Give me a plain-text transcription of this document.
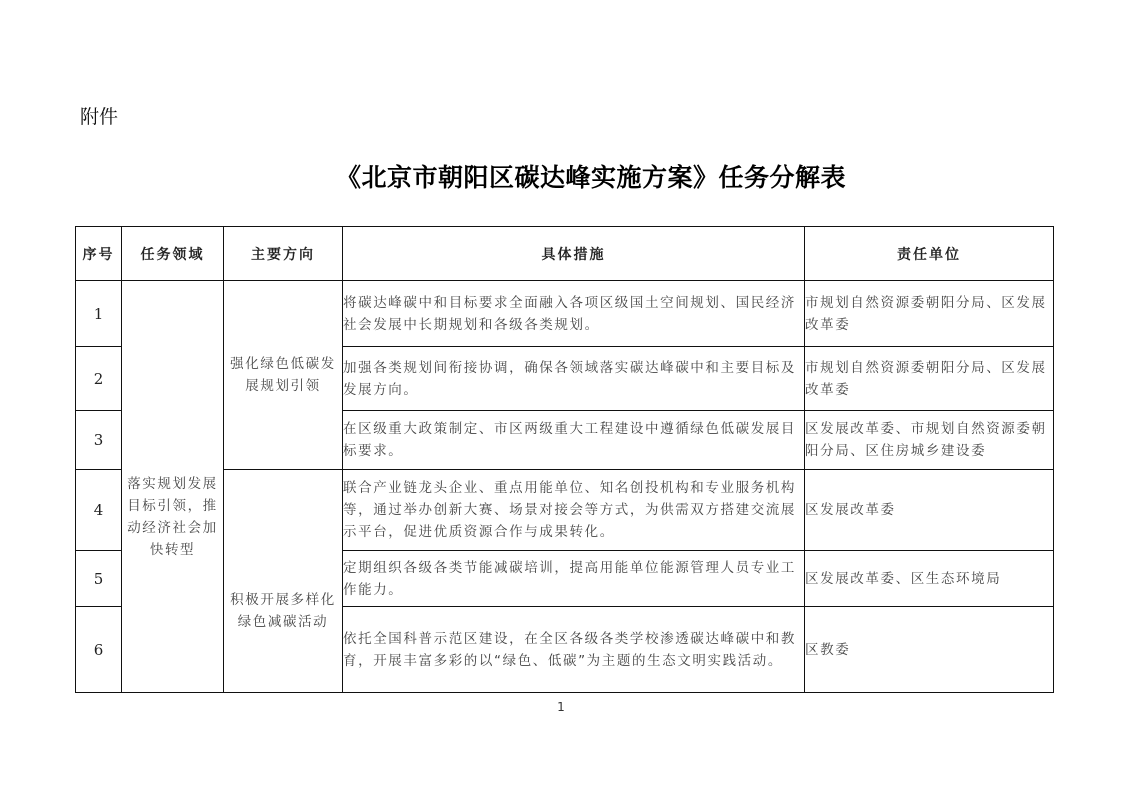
附件
《北京市朝阳区碳达峰实施方案》任务分解表
序号	任务领域	主要方向	具体措施	责任单位
1	落实规划发展目标引领，推动经济社会加快转型	强化绿色低碳发展规划引领	将碳达峰碳中和目标要求全面融入各项区级国土空间规划、国民经济社会发展中长期规划和各级各类规划。	市规划自然资源委朝阳分局、区发展改革委
2			加强各类规划间衔接协调，确保各领域落实碳达峰碳中和主要目标及发展方向。	市规划自然资源委朝阳分局、区发展改革委
3			在区级重大政策制定、市区两级重大工程建设中遵循绿色低碳发展目标要求。	区发展改革委、市规划自然资源委朝阳分局、区住房城乡建设委
4		积极开展多样化绿色减碳活动	联合产业链龙头企业、重点用能单位、知名创投机构和专业服务机构等，通过举办创新大赛、场景对接会等方式，为供需双方搭建交流展示平台，促进优质资源合作与成果转化。	区发展改革委
5			定期组织各级各类节能减碳培训，提高用能单位能源管理人员专业工作能力。	区发展改革委、区生态环境局
6			依托全国科普示范区建设，在全区各级各类学校渗透碳达峰碳中和教育，开展丰富多彩的以“绿色、低碳”为主题的生态文明实践活动。	区教委
1
